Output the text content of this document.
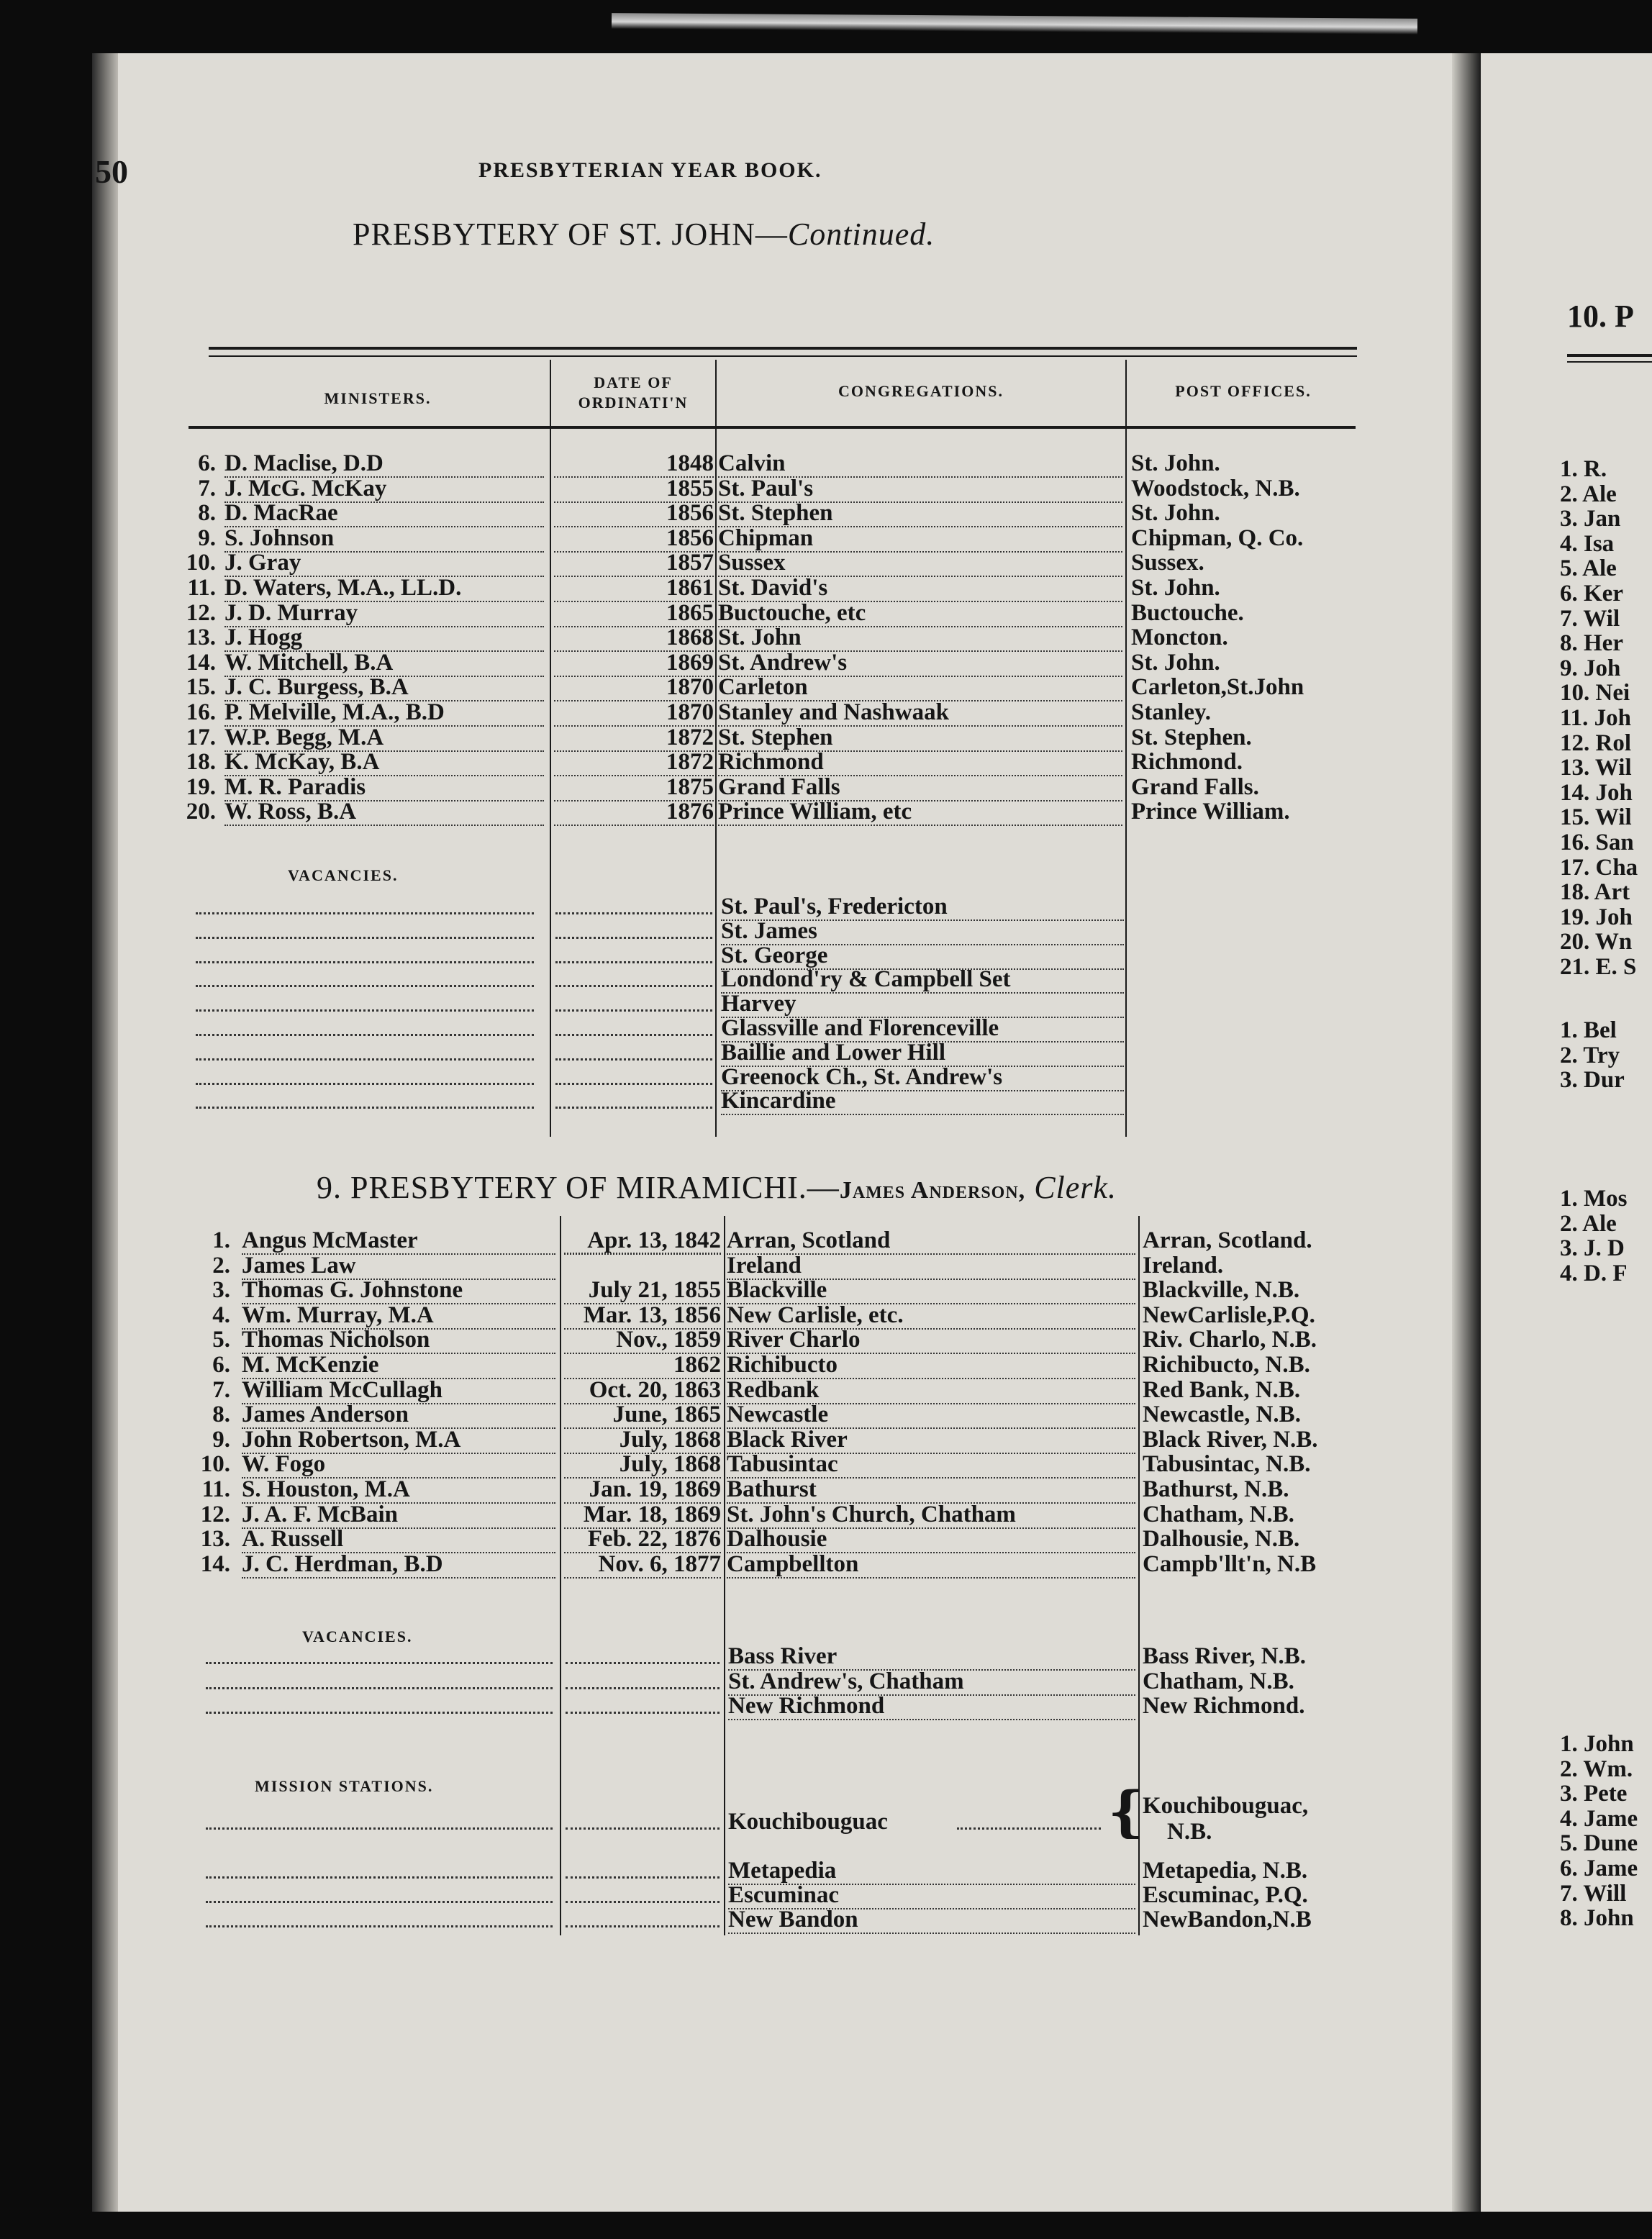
10. P
1. R.
2. Ale
3. Jan
4. Isa
5. Ale
6. Ker
7. Wil
8. Her
9. Joh
10. Nei
11. Joh
12. Rol
13. Wil
14. Joh
15. Wil
16. San
17. Cha
18. Art
19. Joh
20. Wn
21. E. S
1. Bel
2. Try
3. Dur
1. Mos
2. Ale
3. J. D
4. D. F
1. John
2. Wm.
3. Pete
4. Jame
5. Dune
6. Jame
7. Will
8. John
50	PRESBYTERIAN YEAR BOOK.
PRESBYTERY OF ST. JOHN—Continued.
MINISTERS.
DATE OF
ORDINATI'N
CONGREGATIONS.	POST OFFICES.
6. D. Maclise, D.D	1848 Calvin	St. John.
7. J. McG. McKay	1855 St. Paul's	Woodstock, N.B.
8. D. MacRae	1856 St. Stephen	St. John.
9. S. Johnson	1856 Chipman	Chipman, Q. Co.
10. J. Gray	1857 Sussex	Sussex.
11. D. Waters, M.A., LL.D.	1861 St. David's	St. John.
12. J. D. Murray	1865 Buctouche, etc	Buctouche.
13. J. Hogg	1868 St. John	Moncton.
14. W. Mitchell, B.A	1869 St. Andrew's	St. John.
15. J. C. Burgess, B.A	1870 Carleton	Carleton,St.John
16. P. Melville, M.A., B.D	1870 Stanley and Nashwaak	Stanley.
17. W.P. Begg, M.A	1872 St. Stephen	St. Stephen.
18. K. McKay, B.A	1872 Richmond	Richmond.
19. M. R. Paradis	1875 Grand Falls	Grand Falls.
20. W. Ross, B.A	1876 Prince William, etc	Prince William.
VACANCIES.
St. Paul's, Fredericton
St. James
St. George
Londond'ry & Campbell Set
Harvey
Glassville and Florenceville
Baillie and Lower Hill
Greenock Ch., St. Andrew's
Kincardine
9. PRESBYTERY OF MIRAMICHI.—James Anderson, Clerk.
1. Angus McMaster	Apr. 13, 1842 Arran, Scotland	Arran, Scotland.
2. James Law	Ireland	Ireland.
3. Thomas G. Johnstone	July 21, 1855 Blackville	Blackville, N.B.
4. Wm. Murray, M.A	Mar. 13, 1856 New Carlisle, etc.	NewCarlisle,P.Q.
5. Thomas Nicholson	Nov., 1859 River Charlo	Riv. Charlo, N.B.
6. M. McKenzie	1862 Richibucto	Richibucto, N.B.
7. William McCullagh	Oct. 20, 1863 Redbank	Red Bank, N.B.
8. James Anderson	June, 1865 Newcastle	Newcastle, N.B.
9. John Robertson, M.A	July, 1868 Black River	Black River, N.B.
10. W. Fogo	July, 1868 Tabusintac	Tabusintac, N.B.
11. S. Houston, M.A	Jan. 19, 1869 Bathurst	Bathurst, N.B.
12. J. A. F. McBain	Mar. 18, 1869 St. John's Church, Chatham	Chatham, N.B.
13. A. Russell	Feb. 22, 1876 Dalhousie	Dalhousie, N.B.
14. J. C. Herdman, B.D	Nov. 6, 1877 Campbellton	Campb'llt'n, N.B
VACANCIES.
Bass River	Bass River, N.B.
St. Andrew's, Chatham	Chatham, N.B.
New Richmond	New Richmond.
MISSION STATIONS.
Kouchibouguac	{ Kouchibouguac,
N.B.
Metapedia	Metapedia, N.B.
Escuminac	Escuminac, P.Q.
New Bandon	NewBandon,N.B
